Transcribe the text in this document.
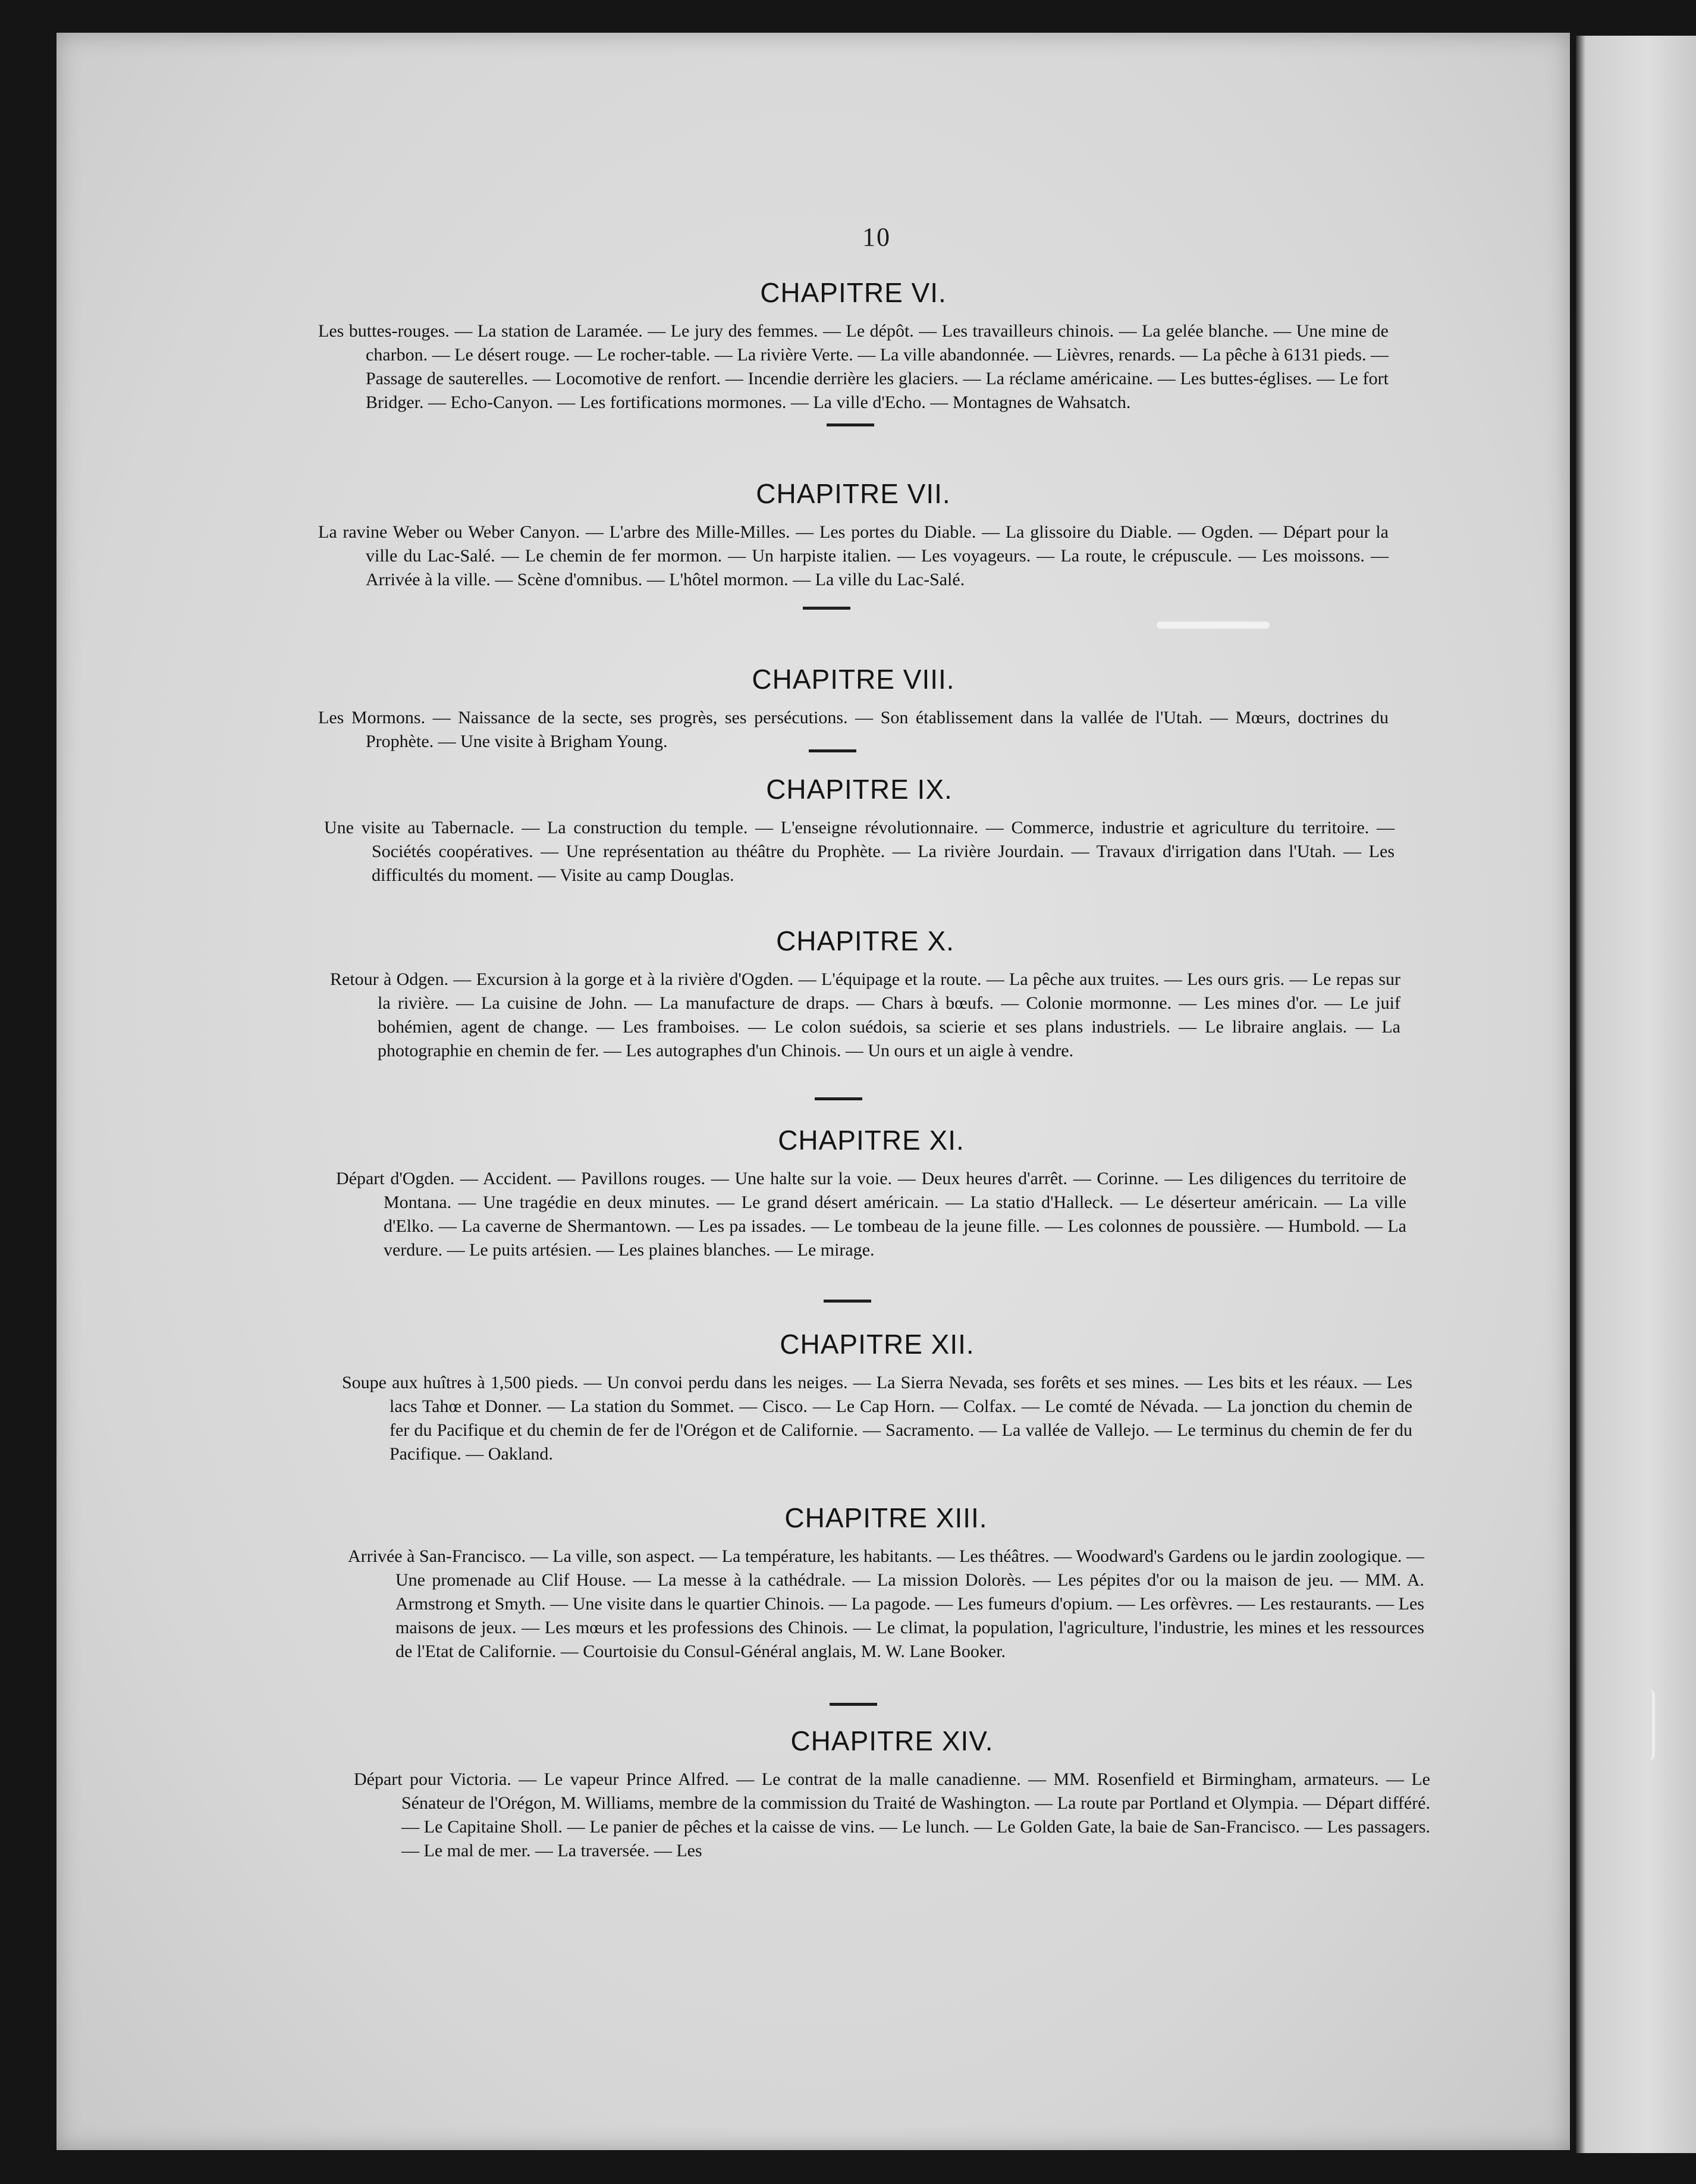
10
CHAPITRE VI.

Les buttes-rouges. — La station de Laramée. — Le jury des femmes. — Le dépôt. — Les travailleurs chinois. — La gelée blanche. — Une mine de charbon. — Le désert rouge. — Le rocher-table. — La rivière Verte. — La ville abandonnée. — Lièvres, renards. — La pêche à 6131 pieds. — Passage de sauterelles. — Locomotive de renfort. — Incendie derrière les glaciers. — La réclame américaine. — Les buttes-églises. — Le fort Bridger. — Echo-Canyon. — Les fortifications mormones. — La ville d'Echo. — Montagnes de Wahsatch.

CHAPITRE VII.

La ravine Weber ou Weber Canyon. — L'arbre des Mille-Milles. — Les portes du Diable. — La glissoire du Diable. — Ogden. — Départ pour la ville du Lac-Salé. — Le chemin de fer mormon. — Un harpiste italien. — Les voyageurs. — La route, le crépuscule. — Les moissons. — Arrivée à la ville. — Scène d'omnibus. — L'hôtel mormon. — La ville du Lac-Salé.

CHAPITRE VIII.

Les Mormons. — Naissance de la secte, ses progrès, ses persécutions. — Son établissement dans la vallée de l'Utah. — Mœurs, doctrines du Prophète. — Une visite à Brigham Young.

CHAPITRE IX.

Une visite au Tabernacle. — La construction du temple. — L'enseigne révolutionnaire. — Commerce, industrie et agriculture du territoire. — Sociétés coopératives. — Une représentation au théâtre du Prophète. — La rivière Jourdain. — Travaux d'irrigation dans l'Utah. — Les difficultés du moment. — Visite au camp Douglas.

CHAPITRE X.

Retour à Odgen. — Excursion à la gorge et à la rivière d'Ogden. — L'équipage et la route. — La pêche aux truites. — Les ours gris. — Le repas sur la rivière. — La cuisine de John. — La manufacture de draps. — Chars à bœufs. — Colonie mormonne. — Les mines d'or. — Le juif bohémien, agent de change. — Les framboises. — Le colon suédois, sa scierie et ses plans industriels. — Le libraire anglais. — La photographie en chemin de fer. — Les autographes d'un Chinois. — Un ours et un aigle à vendre.

CHAPITRE XI.

Départ d'Ogden. — Accident. — Pavillons rouges. — Une halte sur la voie. — Deux heures d'arrêt. — Corinne. — Les diligences du territoire de Montana. — Une tragédie en deux minutes. — Le grand désert américain. — La statio d'Halleck. — Le déserteur américain. — La ville d'Elko. — La caverne de Shermantown. — Les pa issades. — Le tombeau de la jeune fille. — Les colonnes de poussière. — Humbold. — La verdure. — Le puits artésien. — Les plaines blanches. — Le mirage.

CHAPITRE XII.

Soupe aux huîtres à 1,500 pieds. — Un convoi perdu dans les neiges. — La Sierra Nevada, ses forêts et ses mines. — Les bits et les réaux. — Les lacs Tahœ et Donner. — La station du Sommet. — Cisco. — Le Cap Horn. — Colfax. — Le comté de Névada. — La jonction du chemin de fer du Pacifique et du chemin de fer de l'Orégon et de Californie. — Sacramento. — La vallée de Vallejo. — Le terminus du chemin de fer du Pacifique. — Oakland.

CHAPITRE XIII.

Arrivée à San-Francisco. — La ville, son aspect. — La température, les habitants. — Les théâtres. — Woodward's Gardens ou le jardin zoologique. — Une promenade au Clif House. — La messe à la cathédrale. — La mission Dolorès. — Les pépites d'or ou la maison de jeu. — MM. A. Armstrong et Smyth. — Une visite dans le quartier Chinois. — La pagode. — Les fumeurs d'opium. — Les orfèvres. — Les restaurants. — Les maisons de jeux. — Les mœurs et les professions des Chinois. — Le climat, la population, l'agriculture, l'industrie, les mines et les ressources de l'Etat de Californie. — Courtoisie du Consul-Général anglais, M. W. Lane Booker.

CHAPITRE XIV.

Départ pour Victoria. — Le vapeur Prince Alfred. — Le contrat de la malle canadienne. — MM. Rosenfield et Birmingham, armateurs. — Le Sénateur de l'Orégon, M. Williams, membre de la commission du Traité de Washington. — La route par Portland et Olympia. — Départ différé. — Le Capitaine Sholl. — Le panier de pêches et la caisse de vins. — Le lunch. — Le Golden Gate, la baie de San-Francisco. — Les passagers. — Le mal de mer. — La traversée. — Les
